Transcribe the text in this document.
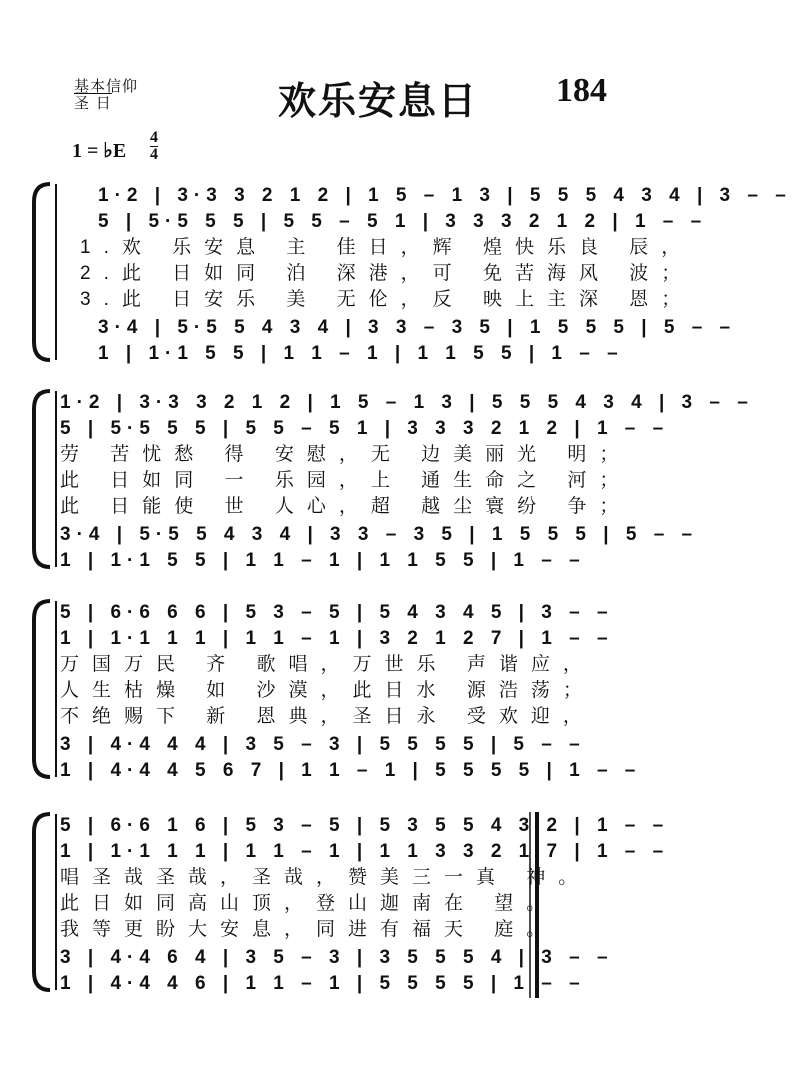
基本信仰
圣 日	欢乐安息日 184
1 = ♭E
4
4
1·2 | 3·3 3 2 1 2 | 1 5 – 1 3 | 5 5 5 4 3 4 | 3 – –
5 | 5·5 5 5 | 5 5 – 5 1 | 3 3 3 2 1 2 | 1 – –
1.欢 乐安息 主 佳日，辉 煌快乐良 辰，
2.此 日如同 泊 深港，可 免苦海风 波；
3.此 日安乐 美 无伦，反 映上主深 恩；
3·4 | 5·5 5 4 3 4 | 3 3 – 3 5 | 1 5 5 5 | 5 – –
1 | 1·1 5 5 | 1 1 – 1 | 1 1 5 5 | 1 – –
1·2 | 3·3 3 2 1 2 | 1 5 – 1 3 | 5 5 5 4 3 4 | 3 – –
5 | 5·5 5 5 | 5 5 – 5 1 | 3 3 3 2 1 2 | 1 – –
劳 苦忧愁 得 安慰，无 边美丽光 明；
此 日如同 一 乐园，上 通生命之 河；
此 日能使 世 人心，超 越尘寰纷 争；
3·4 | 5·5 5 4 3 4 | 3 3 – 3 5 | 1 5 5 5 | 5 – –
1 | 1·1 5 5 | 1 1 – 1 | 1 1 5 5 | 1 – –
5 | 6·6 6 6 | 5 3 – 5 | 5 4 3 4 5 | 3 – –
1 | 1·1 1 1 | 1 1 – 1 | 3 2 1 2 7 | 1 – –
万国万民 齐 歌唱，万世乐 声谐应，
人生枯燥 如 沙漠，此日水 源浩荡；
不绝赐下 新 恩典，圣日永 受欢迎，
3 | 4·4 4 4 | 3 5 – 3 | 5 5 5 5 | 5 – –
1 | 4·4 4 5 6 7 | 1 1 – 1 | 5 5 5 5 | 1 – –
5 | 6·6 1 6 | 5 3 – 5 | 5 3 5 5 4 3 2 | 1 – –
1 | 1·1 1 1 | 1 1 – 1 | 1 1 3 3 2 1 7 | 1 – –
唱圣哉圣哉，圣哉，赞美三一真 神。
此日如同高山顶，登山迦南在 望。
我等更盼大安息，同进有福天 庭。
3 | 4·4 6 4 | 3 5 – 3 | 3 5 5 5 4 | 3 – –
1 | 4·4 4 6 | 1 1 – 1 | 5 5 5 5 | 1 – –
